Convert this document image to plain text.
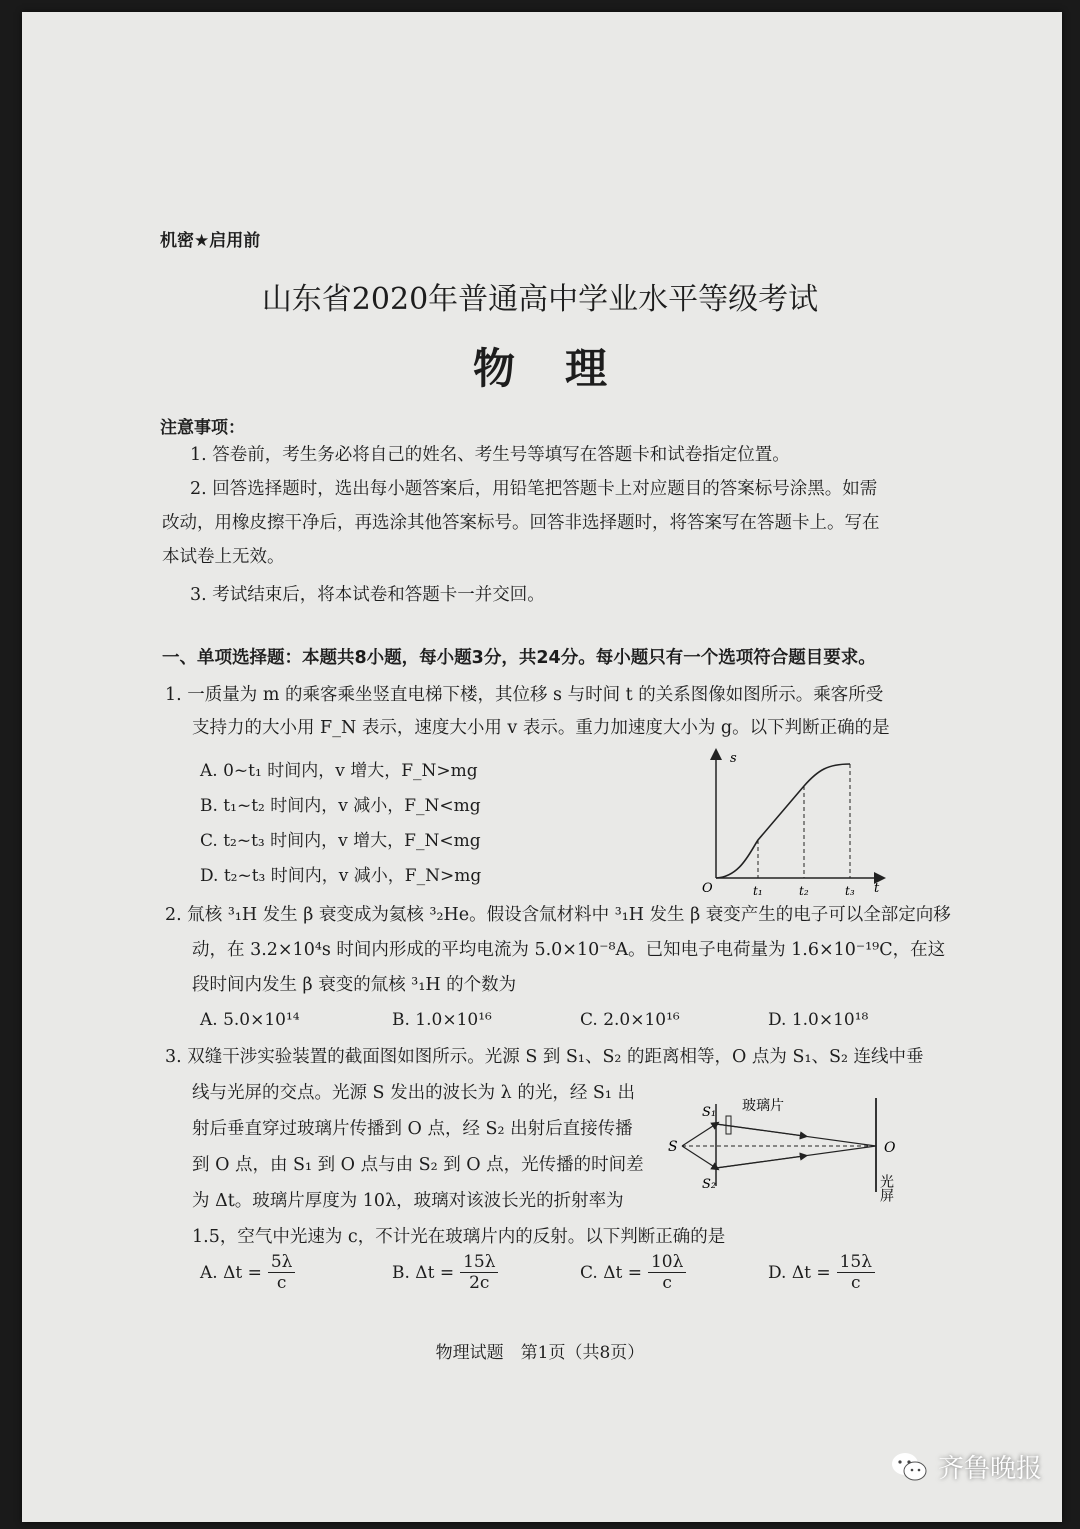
机密★启用前
山东省2020年普通高中学业水平等级考试
物理
注意事项：
1. 答卷前，考生务必将自己的姓名、考生号等填写在答题卡和试卷指定位置。
2. 回答选择题时，选出每小题答案后，用铅笔把答题卡上对应题目的答案标号涂黑。如需
改动，用橡皮擦干净后，再选涂其他答案标号。回答非选择题时，将答案写在答题卡上。写在
本试卷上无效。
3. 考试结束后，将本试卷和答题卡一并交回。
一、单项选择题：本题共8小题，每小题3分，共24分。每小题只有一个选项符合题目要求。
1. 一质量为 m 的乘客乘坐竖直电梯下楼，其位移 s 与时间 t 的关系图像如图所示。乘客所受
支持力的大小用 F_N 表示，速度大小用 v 表示。重力加速度大小为 g。以下判断正确的是
A. 0~t₁ 时间内，v 增大，F_N>mg
B. t₁~t₂ 时间内，v 减小，F_N<mg
C. t₂~t₃ 时间内，v 增大，F_N<mg
D. t₂~t₃ 时间内，v 减小，F_N>mg
s
t
O	t₁	t₂	t₃
2. 氚核 ³₁H 发生 β 衰变成为氦核 ³₂He。假设含氚材料中 ³₁H 发生 β 衰变产生的电子可以全部定向移
动，在 3.2×10⁴s 时间内形成的平均电流为 5.0×10⁻⁸A。已知电子电荷量为 1.6×10⁻¹⁹C，在这
段时间内发生 β 衰变的氚核 ³₁H 的个数为
A. 5.0×10¹⁴	B. 1.0×10¹⁶	C. 2.0×10¹⁶	D. 1.0×10¹⁸
3. 双缝干涉实验装置的截面图如图所示。光源 S 到 S₁、S₂ 的距离相等，O 点为 S₁、S₂ 连线中垂
线与光屏的交点。光源 S 发出的波长为 λ 的光，经 S₁ 出
射后垂直穿过玻璃片传播到 O 点，经 S₂ 出射后直接传播
到 O 点，由 S₁ 到 O 点与由 S₂ 到 O 点，光传播的时间差
为 Δt。玻璃片厚度为 10λ，玻璃对该波长光的折射率为
1.5，空气中光速为 c，不计光在玻璃片内的反射。以下判断正确的是
S
S₁
S₂
玻璃片
O
光屏
A. $\Delta t = \frac{5\lambda}{c}$	B. $\Delta t = \frac{15\lambda}{2c}$	C. $\Delta t = \frac{10\lambda}{c}$	D. $\Delta t = \frac{15\lambda}{c}$
物理试题　第1页（共8页）
齐鲁晚报
